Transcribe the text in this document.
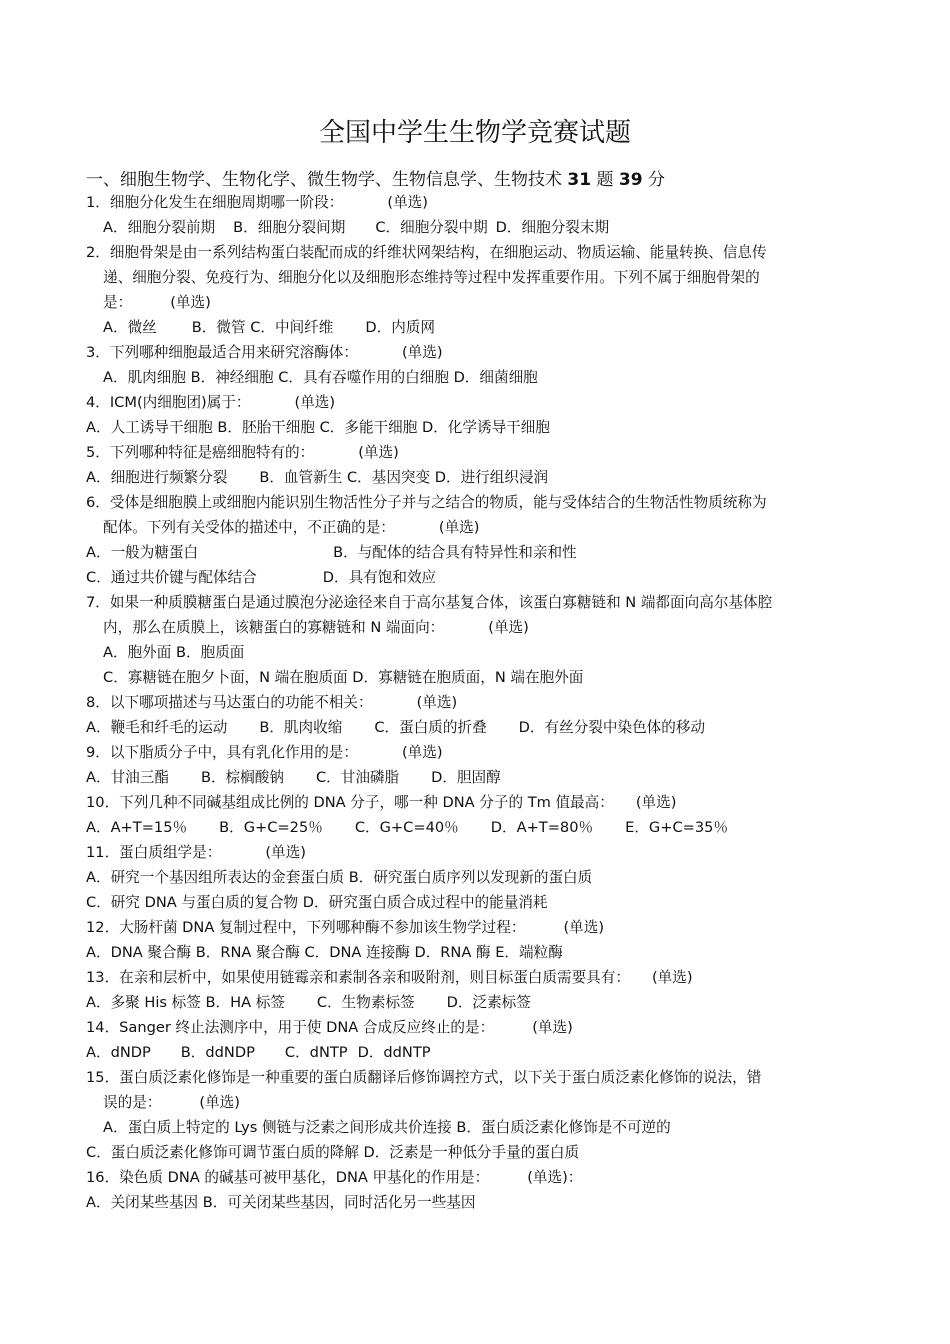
全国中学生生物学竞赛试题
一、细胞生物学、生物化学、微生物学、生物信息学、生物技术 31 题 39 分
1．细胞分化发生在细胞周期哪一阶段：	(单选)
A．细胞分裂前期 B．细胞分裂间期 C．细胞分裂中期 D．细胞分裂末期
2．细胞骨架是由一系列结构蛋白装配而成的纤维状网架结构，在细胞运动、物质运输、能量转换、信息传
递、细胞分裂、免疫行为、细胞分化以及细胞形态维持等过程中发挥重要作用。下列不属于细胞骨架的
是：	(单选)
A．微丝 B．微管 C．中间纤维 D．内质网
3．下列哪种细胞最适合用来研究溶酶体：	(单选)
A．肌肉细胞 B．神经细胞 C．具有吞噬作用的白细胞 D．细菌细胞
4．ICM(内细胞团)属于：	(单选)
A．人工诱导干细胞 B．胚胎干细胞 C．多能干细胞 D．化学诱导干细胞
5．下列哪种特征是癌细胞特有的：	(单选)
A．细胞进行频繁分裂 B．血管新生 C．基因突变 D．进行组织浸润
6．受体是细胞膜上或细胞内能识别生物活性分子并与之结合的物质，能与受体结合的生物活性物质统称为
配体。下列有关受体的描述中，不正确的是：	(单选)
A．一般为糖蛋白	B．与配体的结合具有特异性和亲和性
C．通过共价键与配体结合	D．具有饱和效应
7．如果一种质膜糖蛋白是通过膜泡分泌途径来自于高尔基复合体，该蛋白寡糖链和 N 端都面向高尔基体腔
内，那么在质膜上，该糖蛋白的寡糖链和 N 端面向：	(单选)
A．胞外面 B．胞质面
C．寡糖链在胞夕卜面，N 端在胞质面 D．寡糖链在胞质面，N 端在胞外面
8．以下哪项描述与马达蛋白的功能不相关：	(单选)
A．鞭毛和纤毛的运动 B．肌肉收缩 C．蛋白质的折叠 D．有丝分裂中染色体的移动
9．以下脂质分子中，具有乳化作用的是：	(单选)
A．甘油三酯 B．棕榈酸钠 C．甘油磷脂 D．胆固醇
10．下列几种不同碱基组成比例的 DNA 分子，哪一种 DNA 分子的 Tm 值最高： (单选)
A．A+T=15％ B．G+C=25％ C．G+C=40％ D．A+T=80％ E．G+C=35％
11．蛋白质组学是：	(单选)
A．研究一个基因组所表达的金套蛋白质 B．研究蛋白质序列以发现新的蛋白质
C．研究 DNA 与蛋白质的复合物 D．研究蛋白质合成过程中的能量消耗
12．大肠杆菌 DNA 复制过程中，下列哪种酶不参加该生物学过程：	(单选)
A．DNA 聚合酶 B．RNA 聚合酶 C．DNA 连接酶 D．RNA 酶 E．端粒酶
13．在亲和层析中，如果使用链霉亲和素制各亲和吸附剂，则目标蛋白质需要具有： (单选)
A．多聚 His 标签 B．HA 标签 C．生物素标签 D．泛素标签
14．Sanger 终止法测序中，用于使 DNA 合成反应终止的是：	(单选)
A．dNDP B．ddNDP C．dNTP D．ddNTP
15．蛋白质泛素化修饰是一种重要的蛋白质翻译后修饰调控方式，以下关于蛋白质泛素化修饰的说法，错
误的是：	(单选)
A．蛋白质上特定的 Lys 侧链与泛素之间形成共价连接 B．蛋白质泛素化修饰是不可逆的
C．蛋白质泛素化修饰可调节蛋白质的降解 D．泛素是一种低分手量的蛋白质
16．染色质 DNA 的碱基可被甲基化，DNA 甲基化的作用是：	(单选)：
A．关闭某些基因 B．可关闭某些基因，同时活化另一些基因
